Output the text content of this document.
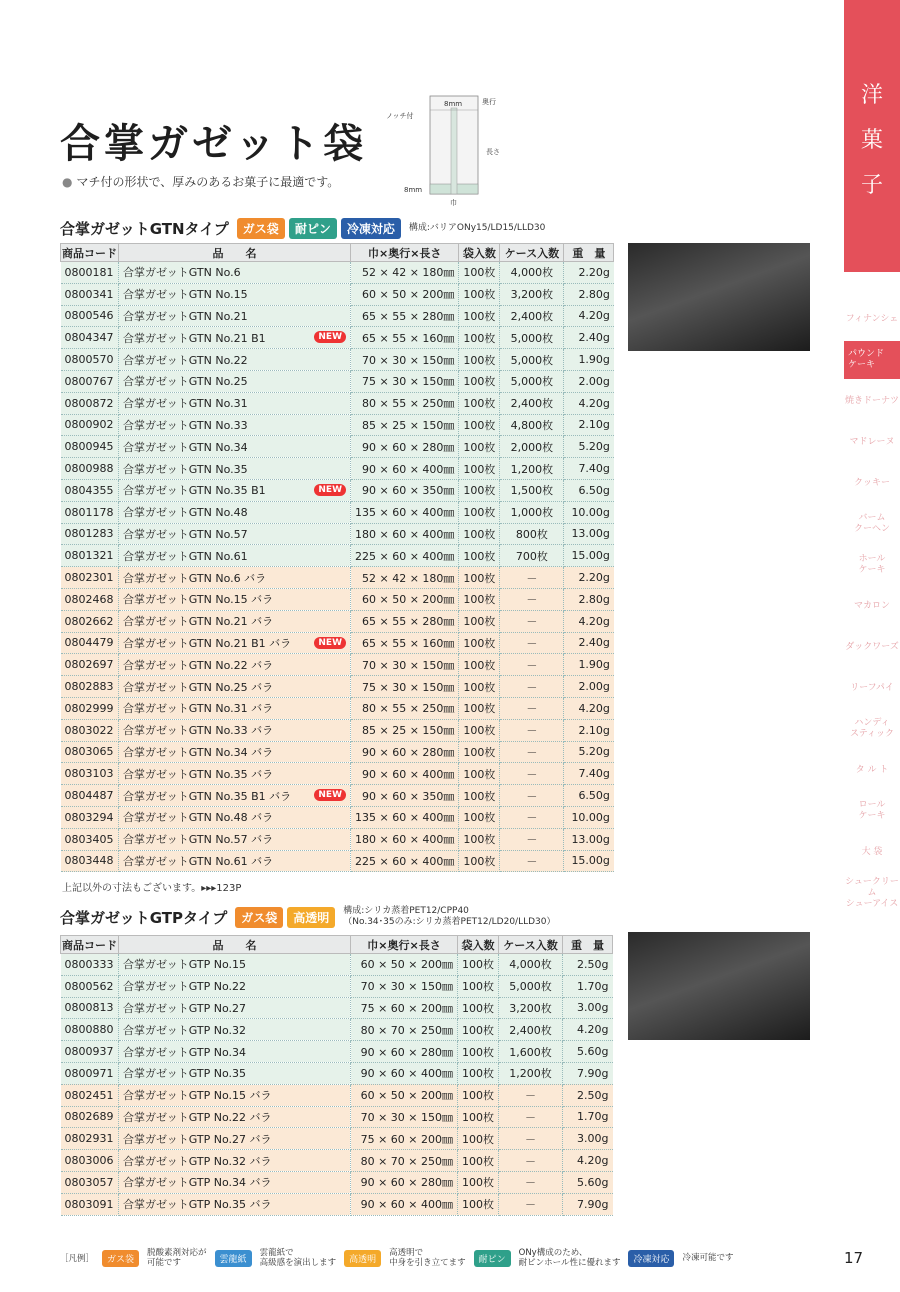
洋
菓
子
フィナンシェ
パウンド
ケーキ
焼きドーナツ
マドレーヌ
クッキー
バーム
クーヘン
ホール
ケーキ
マカロン
ダックワーズ
リーフパイ
ハンディ
スティック
タ ル ト
ロール
ケーキ
大 袋
シュークリーム
シューアイス
合掌ガゼット袋
● マチ付の形状で、厚みのあるお菓子に最適です。
ノッチ付
8mm	奥行
長さ
8mm
巾
合掌ガゼットGTNタイプ	ガス袋	耐ピン	冷凍対応	構成:バリアONy15/LD15/LLD30
商品コード	品　　名	巾×奥行×長さ	袋入数	ケース入数	重　量
0800181	合掌ガゼットGTN No.6	52 × 42 × 180㎜	100枚	4,000枚	2.20g
0800341	合掌ガゼットGTN No.15	60 × 50 × 200㎜	100枚	3,200枚	2.80g
0800546	合掌ガゼットGTN No.21	65 × 55 × 280㎜	100枚	2,400枚	4.20g
0804347	合掌ガゼットGTN No.21 B1 NEW	65 × 55 × 160㎜	100枚	5,000枚	2.40g
0800570	合掌ガゼットGTN No.22	70 × 30 × 150㎜	100枚	5,000枚	1.90g
0800767	合掌ガゼットGTN No.25	75 × 30 × 150㎜	100枚	5,000枚	2.00g
0800872	合掌ガゼットGTN No.31	80 × 55 × 250㎜	100枚	2,400枚	4.20g
0800902	合掌ガゼットGTN No.33	85 × 25 × 150㎜	100枚	4,800枚	2.10g
0800945	合掌ガゼットGTN No.34	90 × 60 × 280㎜	100枚	2,000枚	5.20g
0800988	合掌ガゼットGTN No.35	90 × 60 × 400㎜	100枚	1,200枚	7.40g
0804355	合掌ガゼットGTN No.35 B1 NEW	90 × 60 × 350㎜	100枚	1,500枚	6.50g
0801178	合掌ガゼットGTN No.48	135 × 60 × 400㎜	100枚	1,000枚	10.00g
0801283	合掌ガゼットGTN No.57	180 × 60 × 400㎜	100枚	800枚	13.00g
0801321	合掌ガゼットGTN No.61	225 × 60 × 400㎜	100枚	700枚	15.00g
0802301	合掌ガゼットGTN No.6 バラ	52 × 42 × 180㎜	100枚	－	2.20g
0802468	合掌ガゼットGTN No.15 バラ	60 × 50 × 200㎜	100枚	－	2.80g
0802662	合掌ガゼットGTN No.21 バラ	65 × 55 × 280㎜	100枚	－	4.20g
0804479	合掌ガゼットGTN No.21 B1 バラ NEW	65 × 55 × 160㎜	100枚	－	2.40g
0802697	合掌ガゼットGTN No.22 バラ	70 × 30 × 150㎜	100枚	－	1.90g
0802883	合掌ガゼットGTN No.25 バラ	75 × 30 × 150㎜	100枚	－	2.00g
0802999	合掌ガゼットGTN No.31 バラ	80 × 55 × 250㎜	100枚	－	4.20g
0803022	合掌ガゼットGTN No.33 バラ	85 × 25 × 150㎜	100枚	－	2.10g
0803065	合掌ガゼットGTN No.34 バラ	90 × 60 × 280㎜	100枚	－	5.20g
0803103	合掌ガゼットGTN No.35 バラ	90 × 60 × 400㎜	100枚	－	7.40g
0804487	合掌ガゼットGTN No.35 B1 バラ NEW	90 × 60 × 350㎜	100枚	－	6.50g
0803294	合掌ガゼットGTN No.48 バラ	135 × 60 × 400㎜	100枚	－	10.00g
0803405	合掌ガゼットGTN No.57 バラ	180 × 60 × 400㎜	100枚	－	13.00g
0803448	合掌ガゼットGTN No.61 バラ	225 × 60 × 400㎜	100枚	－	15.00g
上記以外の寸法もございます。▸▸▸123P
合掌ガゼットGTPタイプ	ガス袋	高透明	構成:シリカ蒸着PET12/CPP40
（No.34･35のみ:シリカ蒸着PET12/LD20/LLD30）
商品コード	品　　名	巾×奥行×長さ	袋入数	ケース入数	重　量
0800333	合掌ガゼットGTP No.15	60 × 50 × 200㎜	100枚	4,000枚	2.50g
0800562	合掌ガゼットGTP No.22	70 × 30 × 150㎜	100枚	5,000枚	1.70g
0800813	合掌ガゼットGTP No.27	75 × 60 × 200㎜	100枚	3,200枚	3.00g
0800880	合掌ガゼットGTP No.32	80 × 70 × 250㎜	100枚	2,400枚	4.20g
0800937	合掌ガゼットGTP No.34	90 × 60 × 280㎜	100枚	1,600枚	5.60g
0800971	合掌ガゼットGTP No.35	90 × 60 × 400㎜	100枚	1,200枚	7.90g
0802451	合掌ガゼットGTP No.15 バラ	60 × 50 × 200㎜	100枚	－	2.50g
0802689	合掌ガゼットGTP No.22 バラ	70 × 30 × 150㎜	100枚	－	1.70g
0802931	合掌ガゼットGTP No.27 バラ	75 × 60 × 200㎜	100枚	－	3.00g
0803006	合掌ガゼットGTP No.32 バラ	80 × 70 × 250㎜	100枚	－	4.20g
0803057	合掌ガゼットGTP No.34 バラ	90 × 60 × 280㎜	100枚	－	5.60g
0803091	合掌ガゼットGTP No.35 バラ	90 × 60 × 400㎜	100枚	－	7.90g
［凡例］	ガス袋
脱酸素剤対応が
可能です	雲龍紙
雲龍紙で
高級感を演出します	高透明
高透明で
中身を引き立てます	耐ピン
ONy構成のため、
耐ピンホール性に優れます	冷凍対応	冷凍可能です	17
